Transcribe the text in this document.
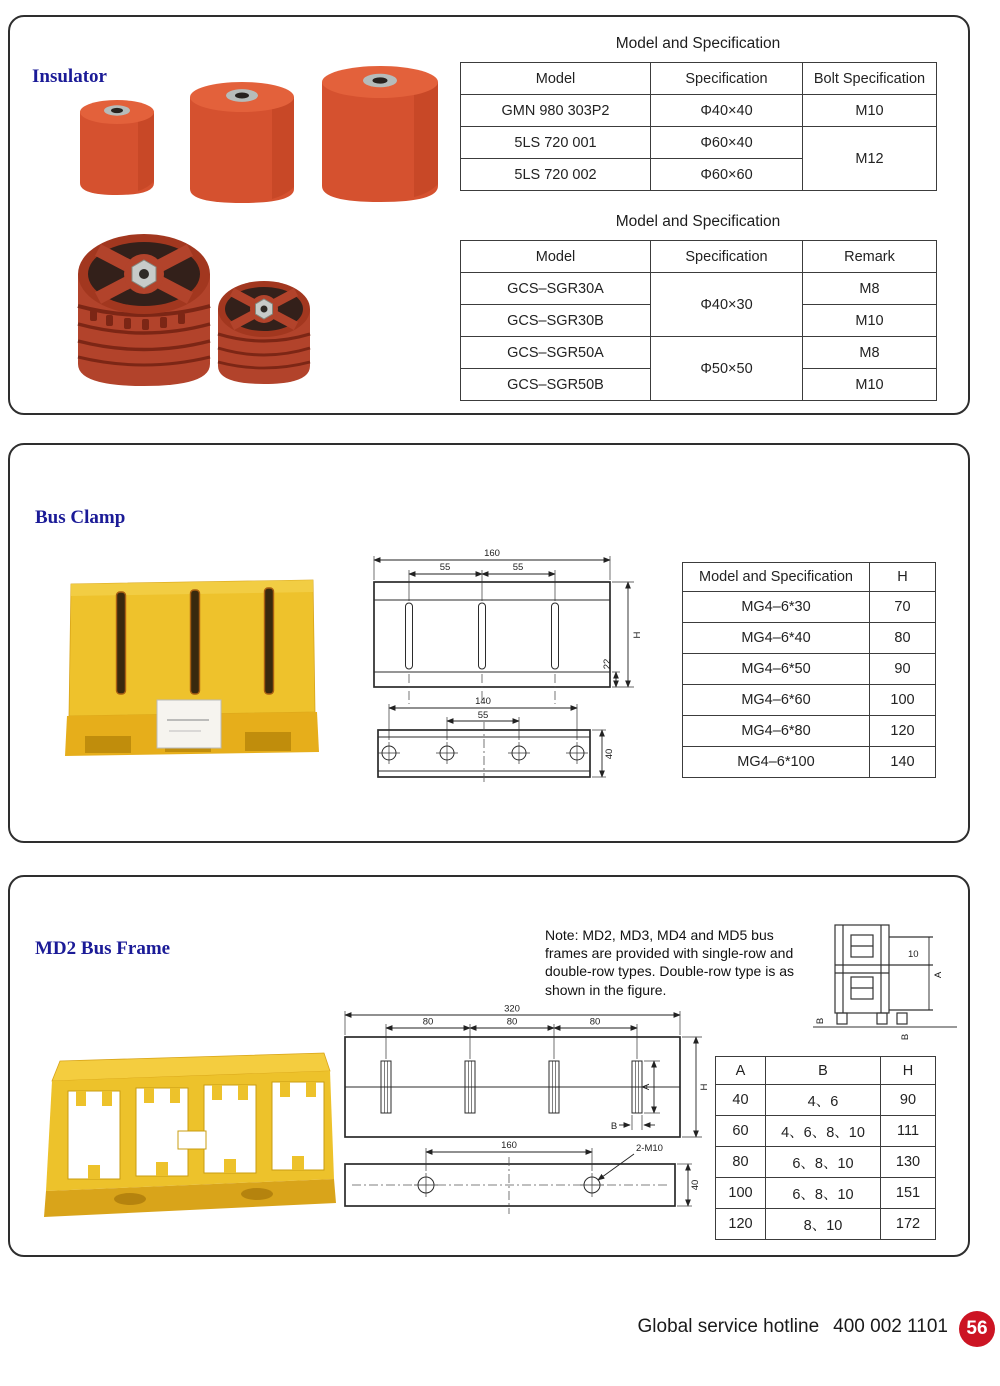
Insulator
Model and Specification
Model	Specification	Bolt Specification
GMN 980 303P2	Φ40×40	M10
5LS 720 001	Φ60×40	M12
5LS 720 002	Φ60×60	
Model and Specification
Model	Specification	Remark
GCS–SGR30A	Φ40×30	M8
GCS–SGR30B		M10
GCS–SGR50A	Φ50×50	M8
GCS–SGR50B		M10
Bus Clamp
160
55	55
H
22
140
55
40
Model and Specification	H
MG4–6*30	70
MG4–6*40	80
MG4–6*50	90
MG4–6*60	100
MG4–6*80	120
MG4–6*100	140
MD2 Bus Frame
Note: MD2, MD3, MD4 and MD5 bus frames are provided with single-row and double-row types. Double-row type is as shown in the figure.
10
A
B
B
320
80	80	80
H
A
B
160	2-M10
40
A	B	H
40	4、6	90
60	4、6、8、10	111
80	6、8、10	130
100	6、8、10	151
120	8、10	172
Global service hotline 400 002 1101 56
